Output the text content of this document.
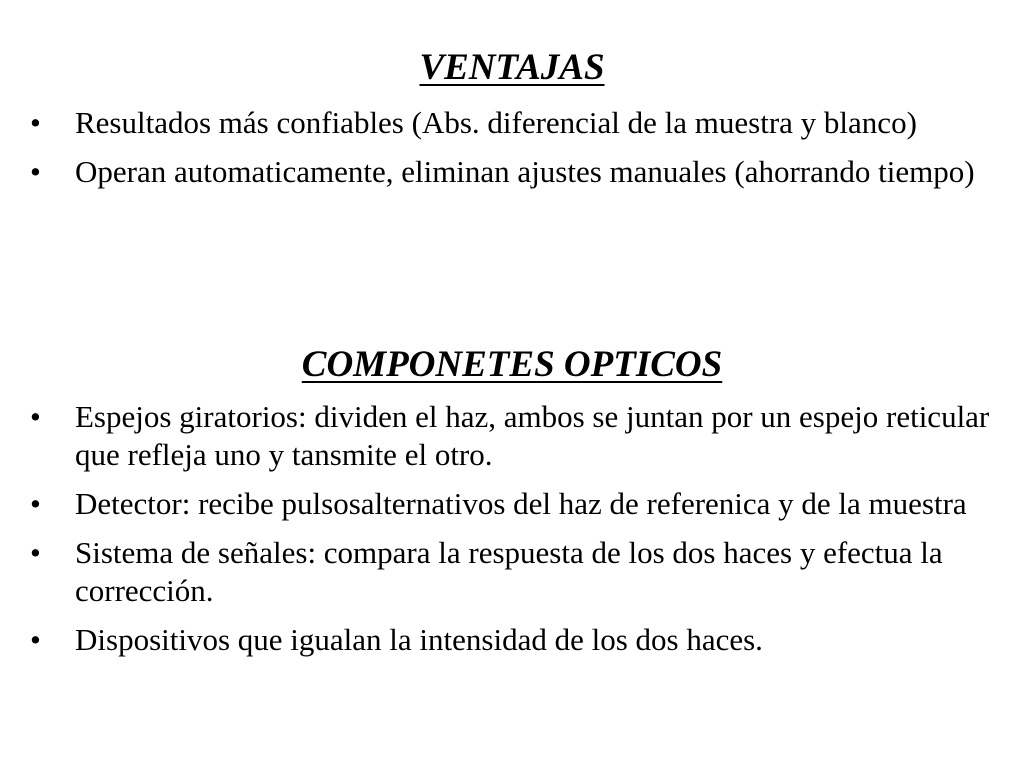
VENTAJAS
• Resultados más confiables (Abs. diferencial de la muestra y blanco)
• Operan automaticamente, eliminan ajustes manuales (ahorrando tiempo)
COMPONETES OPTICOS
• Espejos giratorios: dividen el haz, ambos se juntan por un espejo reticular que refleja uno y tansmite el otro.
• Detector: recibe pulsosalternativos del haz de referenica y de la muestra
• Sistema de señales: compara la respuesta de los dos haces y efectua la corrección.
• Dispositivos que igualan la intensidad de los dos haces.
